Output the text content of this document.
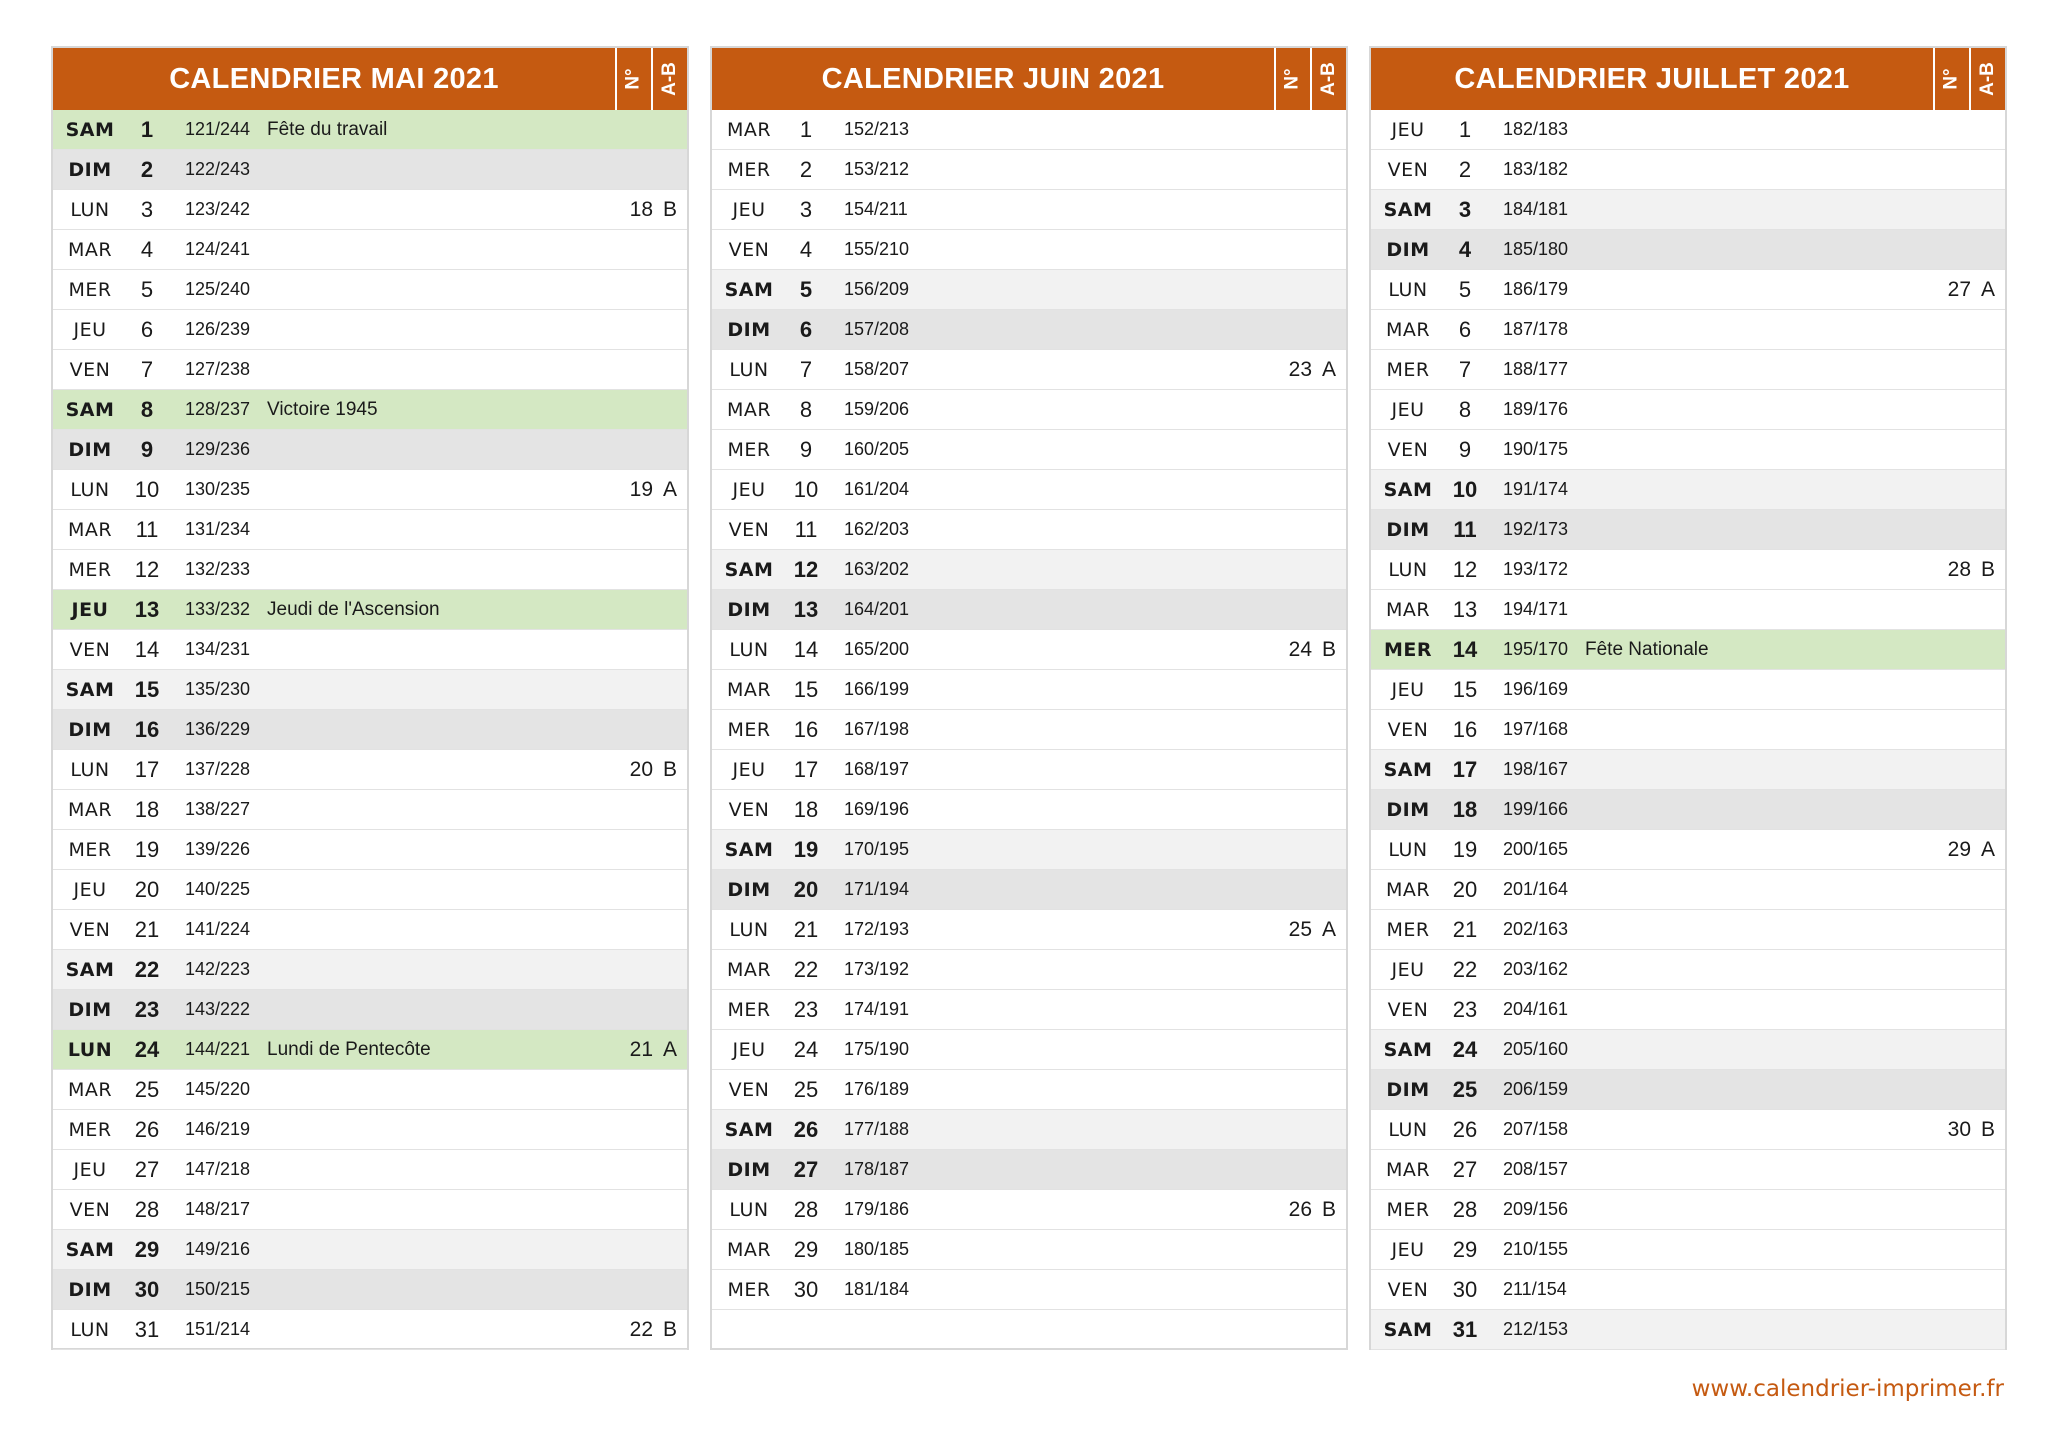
CALENDRIER MAI 2021	N° A-B
SAM	1	121/244 Fête du travail
DIM	2	122/243
LUN	3	123/242	18 B
MAR	4	124/241
MER	5	125/240
JEU	6	126/239
VEN	7	127/238
SAM	8	128/237 Victoire 1945
DIM	9	129/236
LUN	10	130/235	19 A
MAR	11	131/234
MER	12	132/233
JEU	13	133/232 Jeudi de l'Ascension
VEN	14	134/231
SAM 15	135/230
DIM	16	136/229
LUN	17	137/228	20 B
MAR	18	138/227
MER	19	139/226
JEU	20	140/225
VEN	21	141/224
SAM 22	142/223
DIM	23	143/222
LUN	24	144/221 Lundi de Pentecôte	21 A
MAR	25	145/220
MER	26	146/219
JEU	27	147/218
VEN	28	148/217
SAM 29	149/216
DIM	30	150/215
LUN	31	151/214	22 B
CALENDRIER JUIN 2021	N° A-B
MAR	1	152/213
MER	2	153/212
JEU	3	154/211
VEN	4	155/210
SAM	5	156/209
DIM	6	157/208
LUN	7	158/207	23 A
MAR	8	159/206
MER	9	160/205
JEU	10	161/204
VEN	11	162/203
SAM 12	163/202
DIM	13	164/201
LUN	14	165/200	24 B
MAR	15	166/199
MER	16	167/198
JEU	17	168/197
VEN	18	169/196
SAM 19	170/195
DIM	20	171/194
LUN	21	172/193	25 A
MAR	22	173/192
MER	23	174/191
JEU	24	175/190
VEN	25	176/189
SAM 26	177/188
DIM	27	178/187
LUN	28	179/186	26 B
MAR	29	180/185
MER	30	181/184
CALENDRIER JUILLET 2021	N° A-B
JEU	1	182/183
VEN	2	183/182
SAM	3	184/181
DIM	4	185/180
LUN	5	186/179	27 A
MAR	6	187/178
MER	7	188/177
JEU	8	189/176
VEN	9	190/175
SAM 10	191/174
DIM	11	192/173
LUN	12	193/172	28 B
MAR	13	194/171
MER 14	195/170 Fête Nationale
JEU	15	196/169
VEN	16	197/168
SAM 17	198/167
DIM	18	199/166
LUN	19	200/165	29 A
MAR	20	201/164
MER	21	202/163
JEU	22	203/162
VEN	23	204/161
SAM 24	205/160
DIM	25	206/159
LUN	26	207/158	30 B
MAR	27	208/157
MER	28	209/156
JEU	29	210/155
VEN	30	211/154
SAM 31	212/153
www.calendrier-imprimer.fr
